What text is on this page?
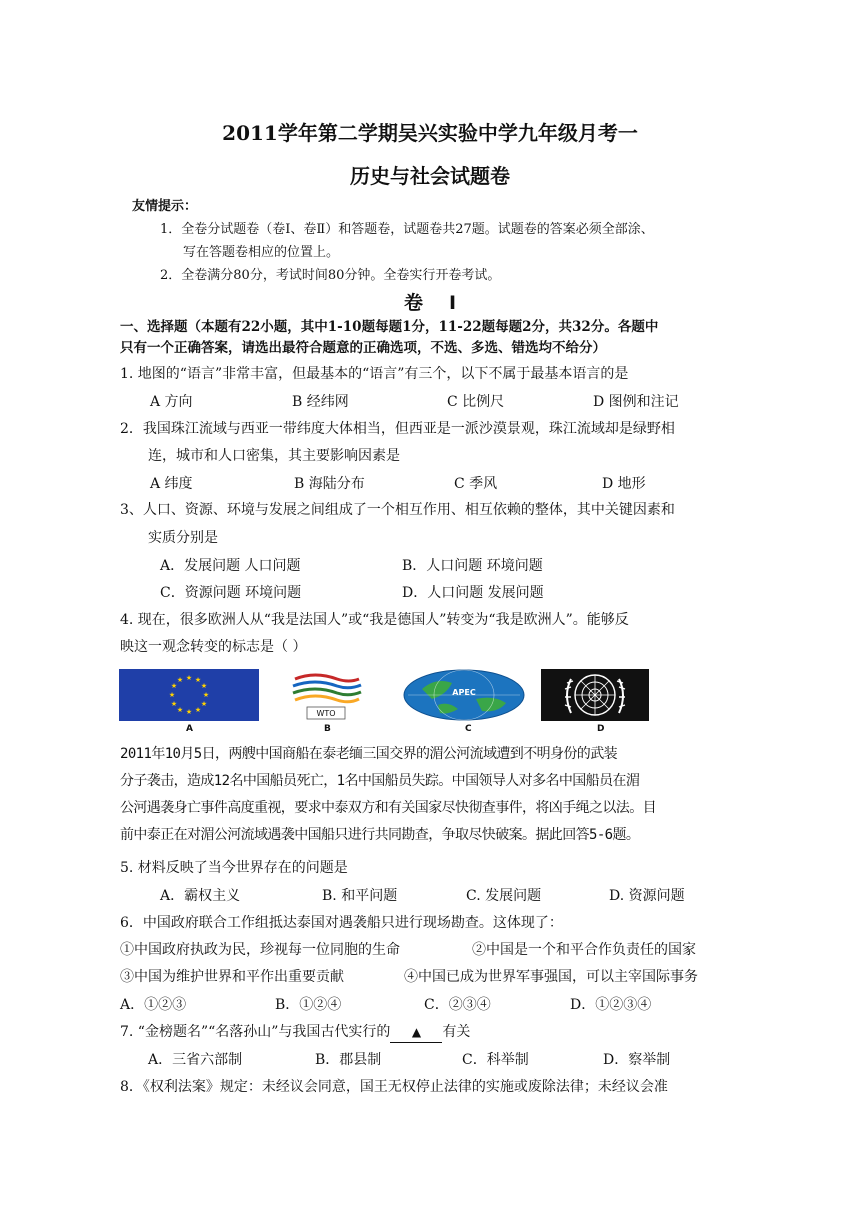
2011学年第二学期吴兴实验中学九年级月考一
历史与社会试题卷
友情提示：
1．全卷分试题卷（卷Ⅰ、卷Ⅱ）和答题卷，试题卷共27题。试题卷的答案必须全部涂、
写在答题卷相应的位置上。
2．全卷满分80分，考试时间80分钟。全卷实行开卷考试。
卷 Ⅰ
一、选择题（本题有22小题，其中1-10题每题1分，11-22题每题2分，共32分。各题中
只有一个正确答案，请选出最符合题意的正确选项，不选、多选、错选均不给分）
1. 地图的“语言”非常丰富，但最基本的“语言”有三个，以下不属于最基本语言的是
A 方向	B 经纬网	C 比例尺	D 图例和注记
2．我国珠江流域与西亚一带纬度大体相当，但西亚是一派沙漠景观，珠江流域却是绿野相
连，城市和人口密集，其主要影响因素是
A 纬度	B 海陆分布	C 季风	D 地形
3、人口、资源、环境与发展之间组成了一个相互作用、相互依赖的整体，其中关键因素和
实质分别是
A．发展问题 人口问题	B．人口问题 环境问题
C．资源问题 环境问题	D．人口问题 发展问题
4. 现在，很多欧洲人从“我是法国人”或“我是德国人”转变为“我是欧洲人”。能够反
映这一观念转变的标志是（ ）
★ ★
★
★
★
★
★
★
★
★
★
★
WTO
APEC
A	B	C	D
2011年10月5日，两艘中国商船在泰老缅三国交界的湄公河流域遭到不明身份的武装
分子袭击，造成12名中国船员死亡，1名中国船员失踪。中国领导人对多名中国船员在湄
公河遇袭身亡事件高度重视，要求中泰双方和有关国家尽快彻查事件，将凶手绳之以法。目
前中泰正在对湄公河流域遇袭中国船只进行共同勘查，争取尽快破案。据此回答5-6题。
5. 材料反映了当今世界存在的问题是
A．霸权主义	B. 和平问题	C. 发展问题	D. 资源问题
6．中国政府联合工作组抵达泰国对遇袭船只进行现场勘查。这体现了：
①中国政府执政为民，珍视每一位同胞的生命	②中国是一个和平合作负责任的国家
③中国为维护世界和平作出重要贡献	④中国已成为世界军事强国，可以主宰国际事务
A．①②③	B．①②④	C．②③④	D．①②③④
7. “金榜题名”“名落孙山”与我国古代实行的 ▲ 有关
A．三省六部制	B．郡县制	C．科举制	D．察举制
8．《权利法案》规定：未经议会同意，国王无权停止法律的实施或废除法律；未经议会准
